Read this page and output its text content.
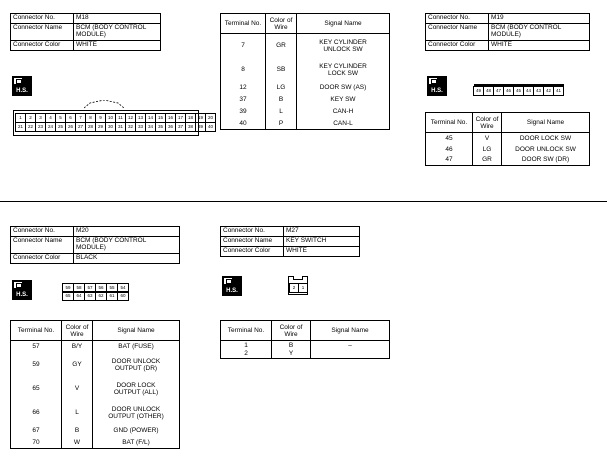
Connector No.	M18
Connector Name	BCM (BODY CONTROL MODULE)
Connector Color	WHITE
H.S.
1	2	3	4	5	6	7	8	9	10	11	12	13	14	15	16	17	18	19	20
21	22	23	24	25	26	27	28	29	30	31	32	33	34	35	36	37	38	39	40
Terminal No.	Color of Wire	Signal Name
7	GR	KEY CYLINDER
UNLOCK SW
8	SB	KEY CYLINDER
LOCK SW
12	LG	DOOR SW (AS)
37	B	KEY SW
39	L	CAN-H
40	P	CAN-L
Connector No.	M19
Connector Name	BCM (BODY CONTROL MODULE)
Connector Color	WHITE
H.S.	49	48	47	46	45	44	43	42	41
Terminal No.	Color of Wire	Signal Name
45	V	DOOR LOCK SW
46	LG	DOOR UNLOCK SW
47	GR	DOOR SW (DR)
Connector No.	M20
Connector Name	BCM (BODY CONTROL MODULE)
Connector Color	BLACK
H.S.
59	58	57	56	55	54
65	64	63	62	61	60
Terminal No.	Color of Wire	Signal Name
57	B/Y	BAT (FUSE)
59	GY	DOOR UNLOCK
OUTPUT (DR)
65	V	DOOR LOCK
OUTPUT (ALL)
66	L	DOOR UNLOCK
OUTPUT (OTHER)
67	B	GND (POWER)
70	W	BAT (F/L)
Connector No.	M27
Connector Name	KEY SWITCH
Connector Color	WHITE
H.S.
2	1
Terminal No.	Color of Wire	Signal Name
1	B	–
2	Y	
